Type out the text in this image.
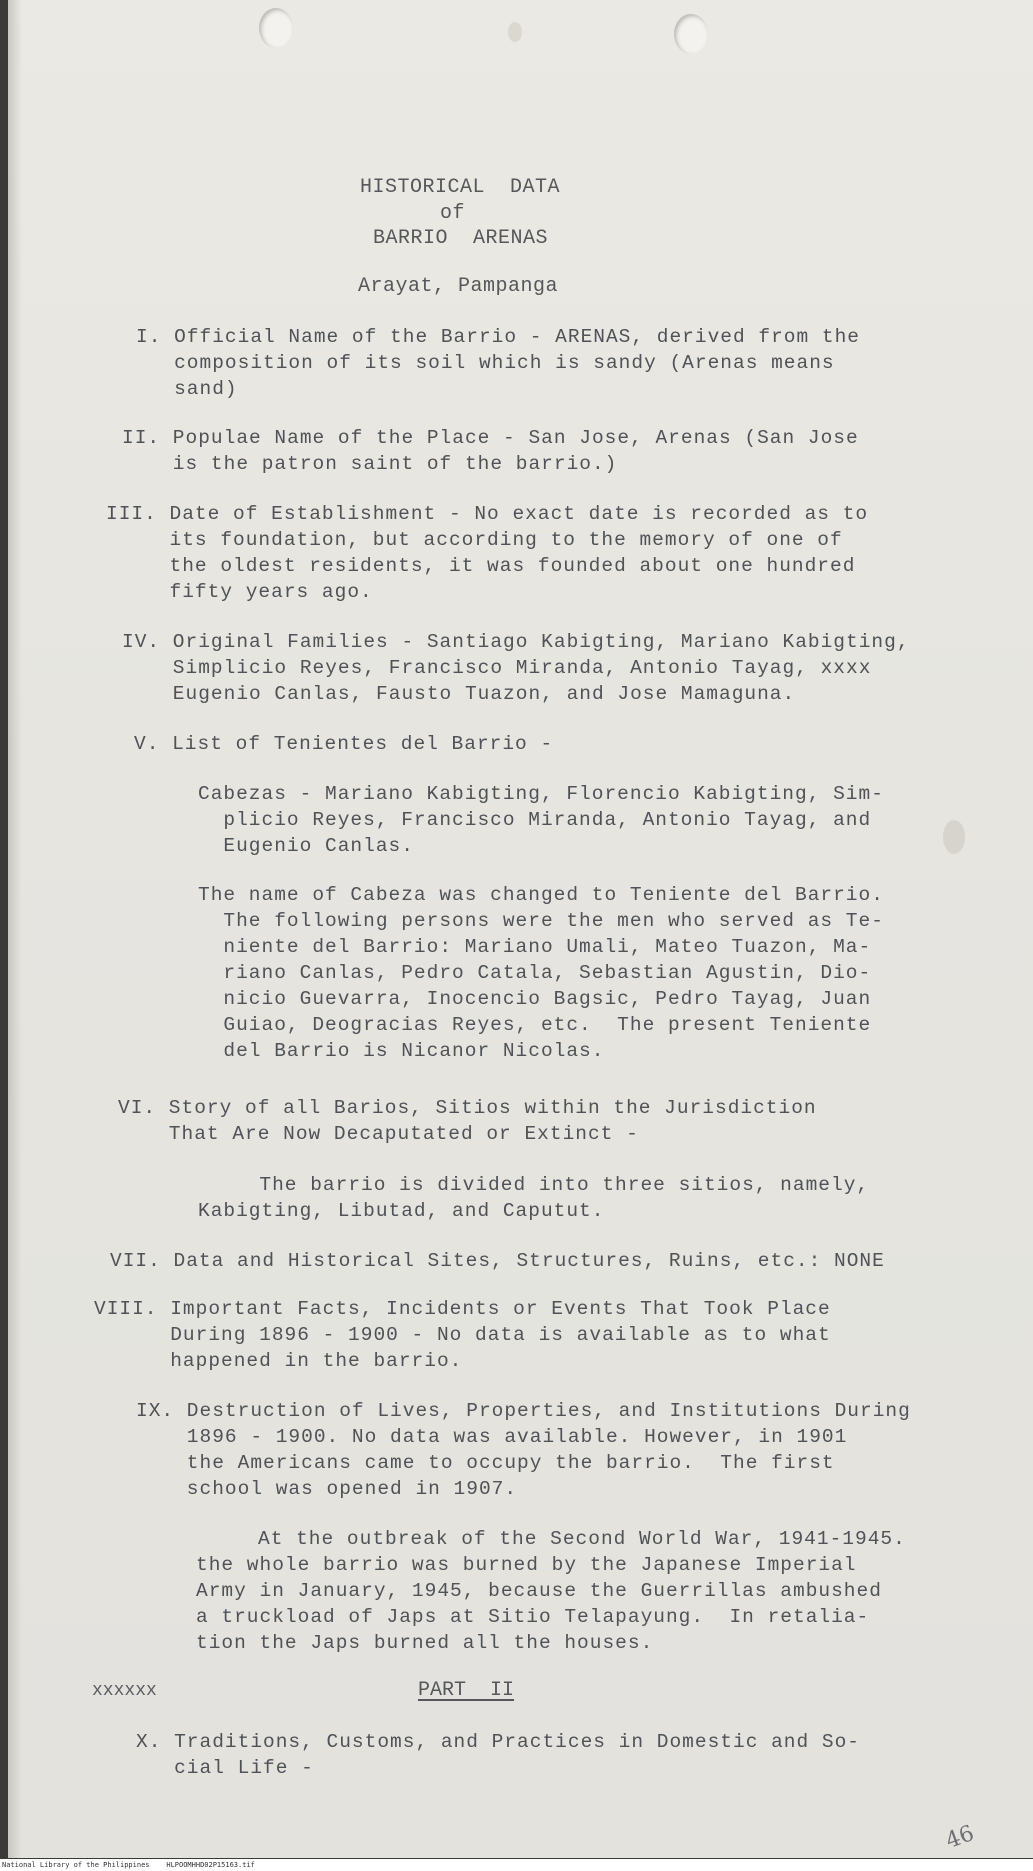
HISTORICAL  DATA
of
BARRIO  ARENAS
Arayat, Pampanga
I. Official Name of the Barrio - ARENAS, derived from the
composition of its soil which is sandy (Arenas means
sand)
II. Populae Name of the Place - San Jose, Arenas (San Jose
is the patron saint of the barrio.)
III. Date of Establishment - No exact date is recorded as to
its foundation, but according to the memory of one of
the oldest residents, it was founded about one hundred
fifty years ago.
IV. Original Families - Santiago Kabigting, Mariano Kabigting,
Simplicio Reyes, Francisco Miranda, Antonio Tayag, xxxx
Eugenio Canlas, Fausto Tuazon, and Jose Mamaguna.
V. List of Tenientes del Barrio -
Cabezas - Mariano Kabigting, Florencio Kabigting, Sim-
plicio Reyes, Francisco Miranda, Antonio Tayag, and
Eugenio Canlas.
The name of Cabeza was changed to Teniente del Barrio.
The following persons were the men who served as Te-
niente del Barrio: Mariano Umali, Mateo Tuazon, Ma-
riano Canlas, Pedro Catala, Sebastian Agustin, Dio-
nicio Guevarra, Inocencio Bagsic, Pedro Tayag, Juan
Guiao, Deogracias Reyes, etc.  The present Teniente
del Barrio is Nicanor Nicolas.
VI. Story of all Barios, Sitios within the Jurisdiction
That Are Now Decaputated or Extinct -
The barrio is divided into three sitios, namely,
Kabigting, Libutad, and Caputut.
VII. Data and Historical Sites, Structures, Ruins, etc.: NONE
VIII. Important Facts, Incidents or Events That Took Place
During 1896 - 1900 - No data is available as to what
happened in the barrio.
IX. Destruction of Lives, Properties, and Institutions During
1896 - 1900. No data was available. However, in 1901
the Americans came to occupy the barrio.  The first
school was opened in 1907.
At the outbreak of the Second World War, 1941-1945.
the whole barrio was burned by the Japanese Imperial
Army in January, 1945, because the Guerrillas ambushed
a truckload of Japs at Sitio Telapayung.  In retalia-
tion the Japs burned all the houses.
xxxxxx	PART  II
X. Traditions, Customs, and Practices in Domestic and So-
cial Life -
46
National Library of the Philippines    HLPOOMHHD02P15163.tif
